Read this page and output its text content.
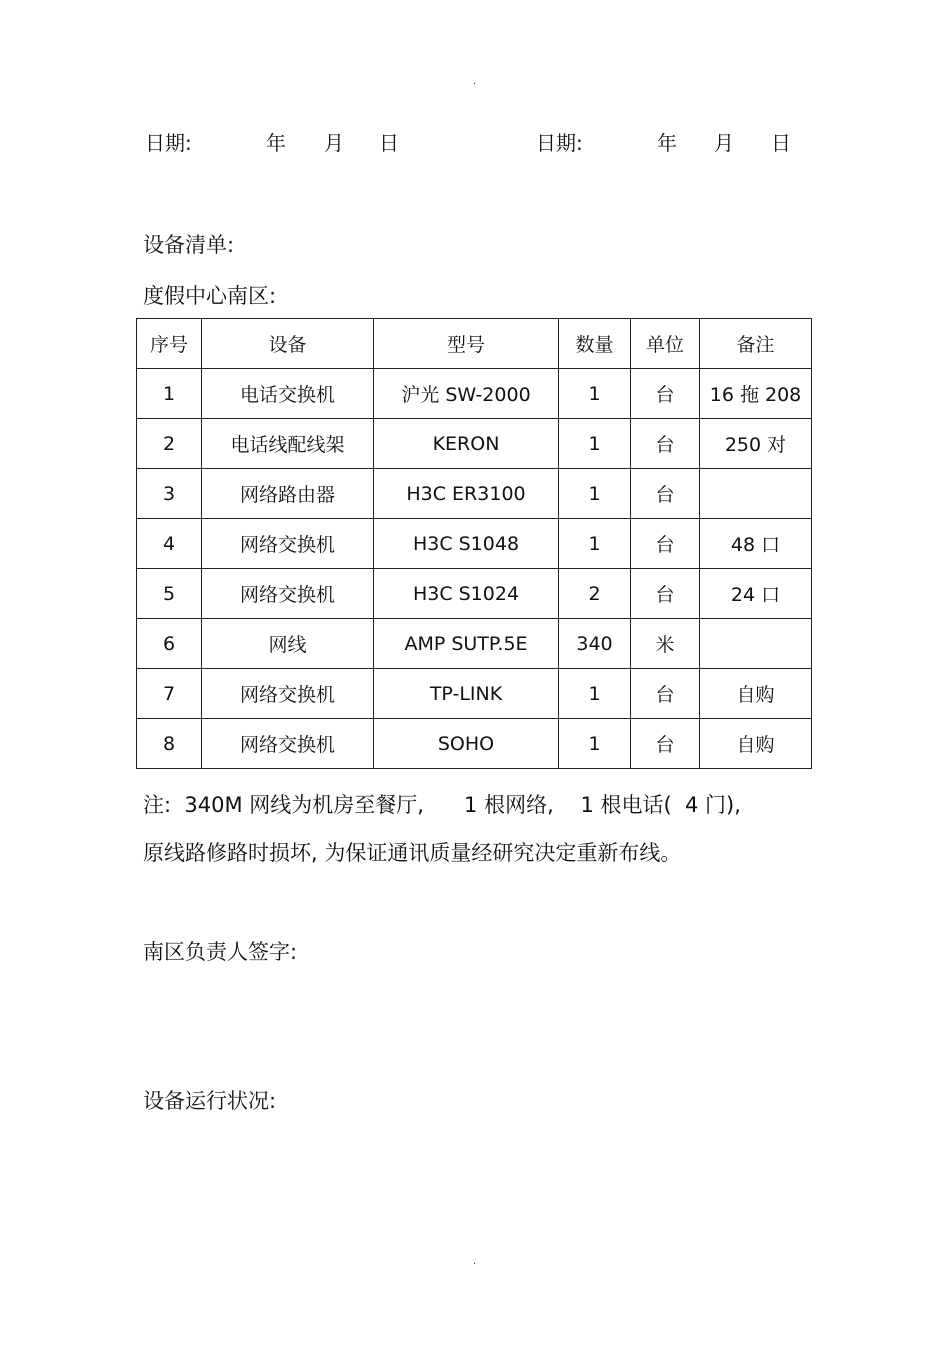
.
日期:	年 月 日	日期:	年 月 日
设备清单:
度假中心南区:
序号	设备	型号	数量	单位	备注
1	电话交换机	沪光 SW-2000	1	台	16 拖 208
2	电话线配线架	KERON	1	台	250 对
3	网络路由器	H3C ER3100	1	台	
4	网络交换机	H3C S1048	1	台	48 口
5	网络交换机	H3C S1024	2	台	24 口
6	网线	AMP SUTP.5E	340	米	
7	网络交换机	TP-LINK	1	台	自购
8	网络交换机	SOHO	1	台	自购
注:  340M 网线为机房至餐厅,      1 根网络,    1 根电话(  4 门),
原线路修路时损坏, 为保证通讯质量经研究决定重新布线。
南区负责人签字:
设备运行状况:
.
